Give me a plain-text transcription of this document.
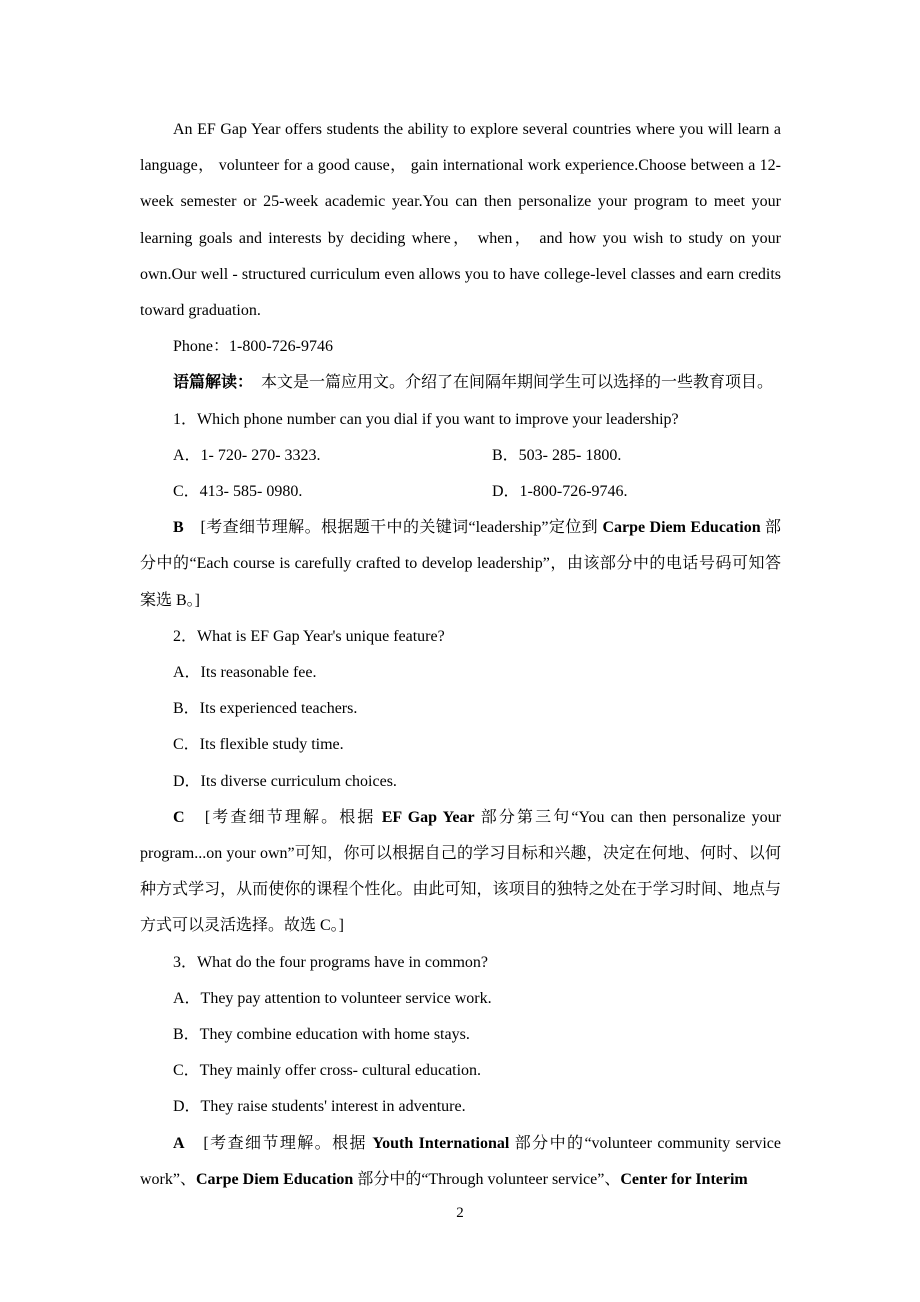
An EF Gap Year offers students the ability to explore several countries where you will learn a language， volunteer for a good cause， gain international work experience.Choose between a 12-week semester or 25-week academic year.You can then personalize your program to meet your learning goals and interests by deciding where， when， and how you wish to study on your own.Our well - structured curriculum even allows you to have college-level classes and earn credits toward graduation.

Phone：1-800-726-9746

语篇解读：　本文是一篇应用文。介绍了在间隔年期间学生可以选择的一些教育项目。

1．Which phone number can you dial if you want to improve your leadership?

A．1- 720- 270- 3323.	B．503- 285- 1800.

C．413- 585- 0980.	D．1-800-726-9746.

B　[考查细节理解。根据题干中的关键词“leadership”定位到 Carpe Diem Education 部分中的“Each course is carefully crafted to develop leadership”，由该部分中的电话号码可知答案选 B。]

2．What is EF Gap Year's unique feature?

A．Its reasonable fee.

B．Its experienced teachers.

C．Its flexible study time.

D．Its diverse curriculum choices.

C　[考查细节理解。根据 EF Gap Year 部分第三句“You can then personalize your program...on your own”可知，你可以根据自己的学习目标和兴趣，决定在何地、何时、以何种方式学习，从而使你的课程个性化。由此可知，该项目的独特之处在于学习时间、地点与方式可以灵活选择。故选 C。]

3．What do the four programs have in common?

A．They pay attention to volunteer service work.

B．They combine education with home stays.

C．They mainly offer cross- cultural education.

D．They raise students' interest in adventure.

A　[考查细节理解。根据 Youth International 部分中的“volunteer community service work”、Carpe Diem Education 部分中的“Through volunteer service”、Center for Interim

2
